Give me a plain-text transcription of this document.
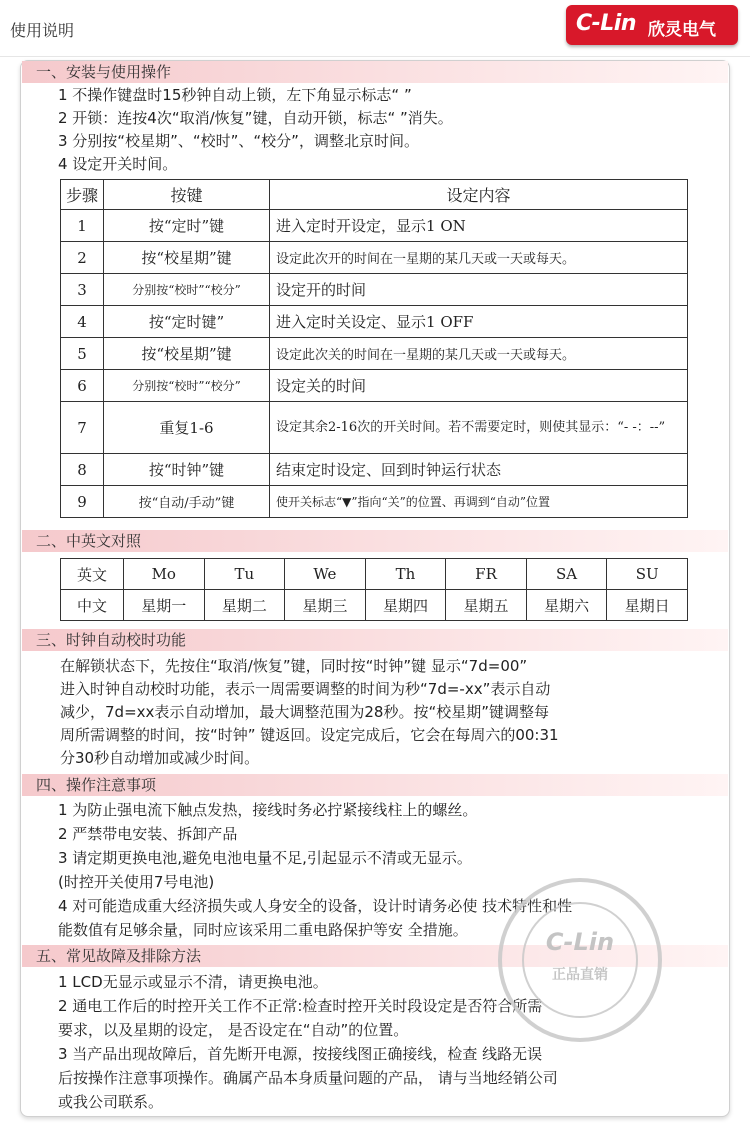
使用说明	C-Lin 欣灵电气
一、安装与使用操作
1 不操作键盘时15秒钟自动上锁，左下角显示标志“ ”
2 开锁：连按4次“取消/恢复”键，自动开锁，标志“ ”消失。
3 分别按“校星期”、“校时”、“校分”，调整北京时间。
4 设定开关时间。
步骤	按键	设定内容
1	按“定时”键	进入定时开设定，显示1 ON
2	按“校星期”键	设定此次开的时间在一星期的某几天或一天或每天。
3	分别按“校时”“校分”	设定开的时间
4	按“定时键”	进入定时关设定、显示1 OFF
5	按“校星期”键	设定此次关的时间在一星期的某几天或一天或每天。
6	分别按“校时”“校分”	设定关的时间
7	重复1-6	设定其余2-16次的开关时间。若不需要定时，则使其显示：“- -：--”
8	按“时钟”键	结束定时设定、回到时钟运行状态
9	按“自动/手动”键	使开关标志“▼”指向“关”的位置、再调到“自动”位置
二、中英文对照
英文	Mo	Tu	We	Th	FR	SA	SU
中文	星期一	星期二	星期三	星期四	星期五	星期六	星期日
三、时钟自动校时功能
在解锁状态下，先按住“取消/恢复”键，同时按“时钟”键 显示“7d=00”
进入时钟自动校时功能，表示一周需要调整的时间为秒“7d=-xx”表示自动
减少，7d=xx表示自动增加，最大调整范围为28秒。按“校星期”键调整每
周所需调整的时间，按“时钟” 键返回。设定完成后，它会在每周六的00:31
分30秒自动增加或减少时间。
四、操作注意事项
1 为防止强电流下触点发热，接线时务必拧紧接线柱上的螺丝。
2 严禁带电安装、拆卸产品
3 请定期更换电池,避免电池电量不足,引起显示不清或无显示。
(时控开关使用7号电池)
4 对可能造成重大经济损失或人身安全的设备，设计时请务必使 技术特性和性
能数值有足够余量，同时应该采用二重电路保护等安 全措施。
五、常见故障及排除方法
1 LCD无显示或显示不清，请更换电池。
2 通电工作后的时控开关工作不正常:检查时控开关时段设定是否符合所需
要求，以及星期的设定， 是否设定在“自动”的位置。
3 当产品出现故障后，首先断开电源，按接线图正确接线，检查 线路无误
后按操作注意事项操作。确属产品本身质量问题的产品， 请与当地经销公司
或我公司联系。
C-Lin
正品直销
